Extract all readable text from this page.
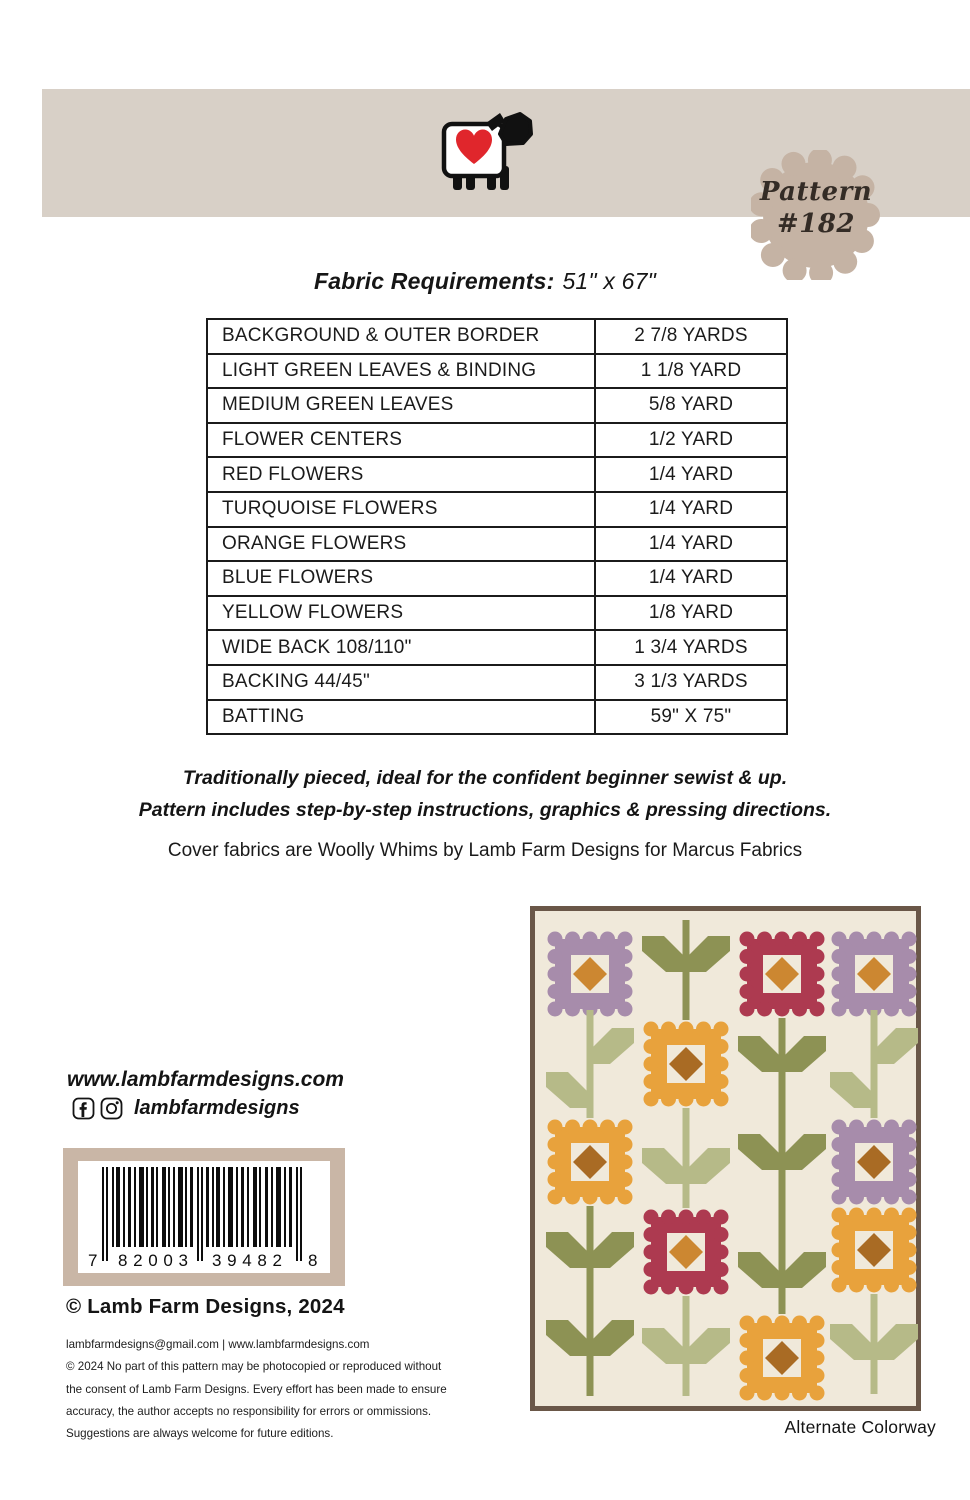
Pattern
#182
Fabric Requirements: 51" x 67"
BACKGROUND & OUTER BORDER	2 7/8 YARDS
LIGHT GREEN LEAVES & BINDING	1 1/8 YARD
MEDIUM GREEN LEAVES	5/8 YARD
FLOWER CENTERS	1/2 YARD
RED FLOWERS	1/4 YARD
TURQUOISE FLOWERS	1/4 YARD
ORANGE FLOWERS	1/4 YARD
BLUE FLOWERS	1/4 YARD
YELLOW FLOWERS	1/8 YARD
WIDE BACK 108/110"	1 3/4 YARDS
BACKING 44/45"	3 1/3 YARDS
BATTING	59" X 75"
Traditionally pieced, ideal for the confident beginner sewist & up.
Pattern includes step-by-step instructions, graphics & pressing directions.
Cover fabrics are Woolly Whims by Lamb Farm Designs for Marcus Fabrics
Alternate Colorway
www.lambfarmdesigns.com
lambfarmdesigns
7 82003 39482 8
© Lamb Farm Designs, 2024
lambfarmdesigns@gmail.com | www.lambfarmdesigns.com
© 2024 No part of this pattern may be photocopied or reproduced without
the consent of Lamb Farm Designs. Every effort has been made to ensure
accuracy, the author accepts no responsibility for errors or ommissions.
Suggestions are always welcome for future editions.
